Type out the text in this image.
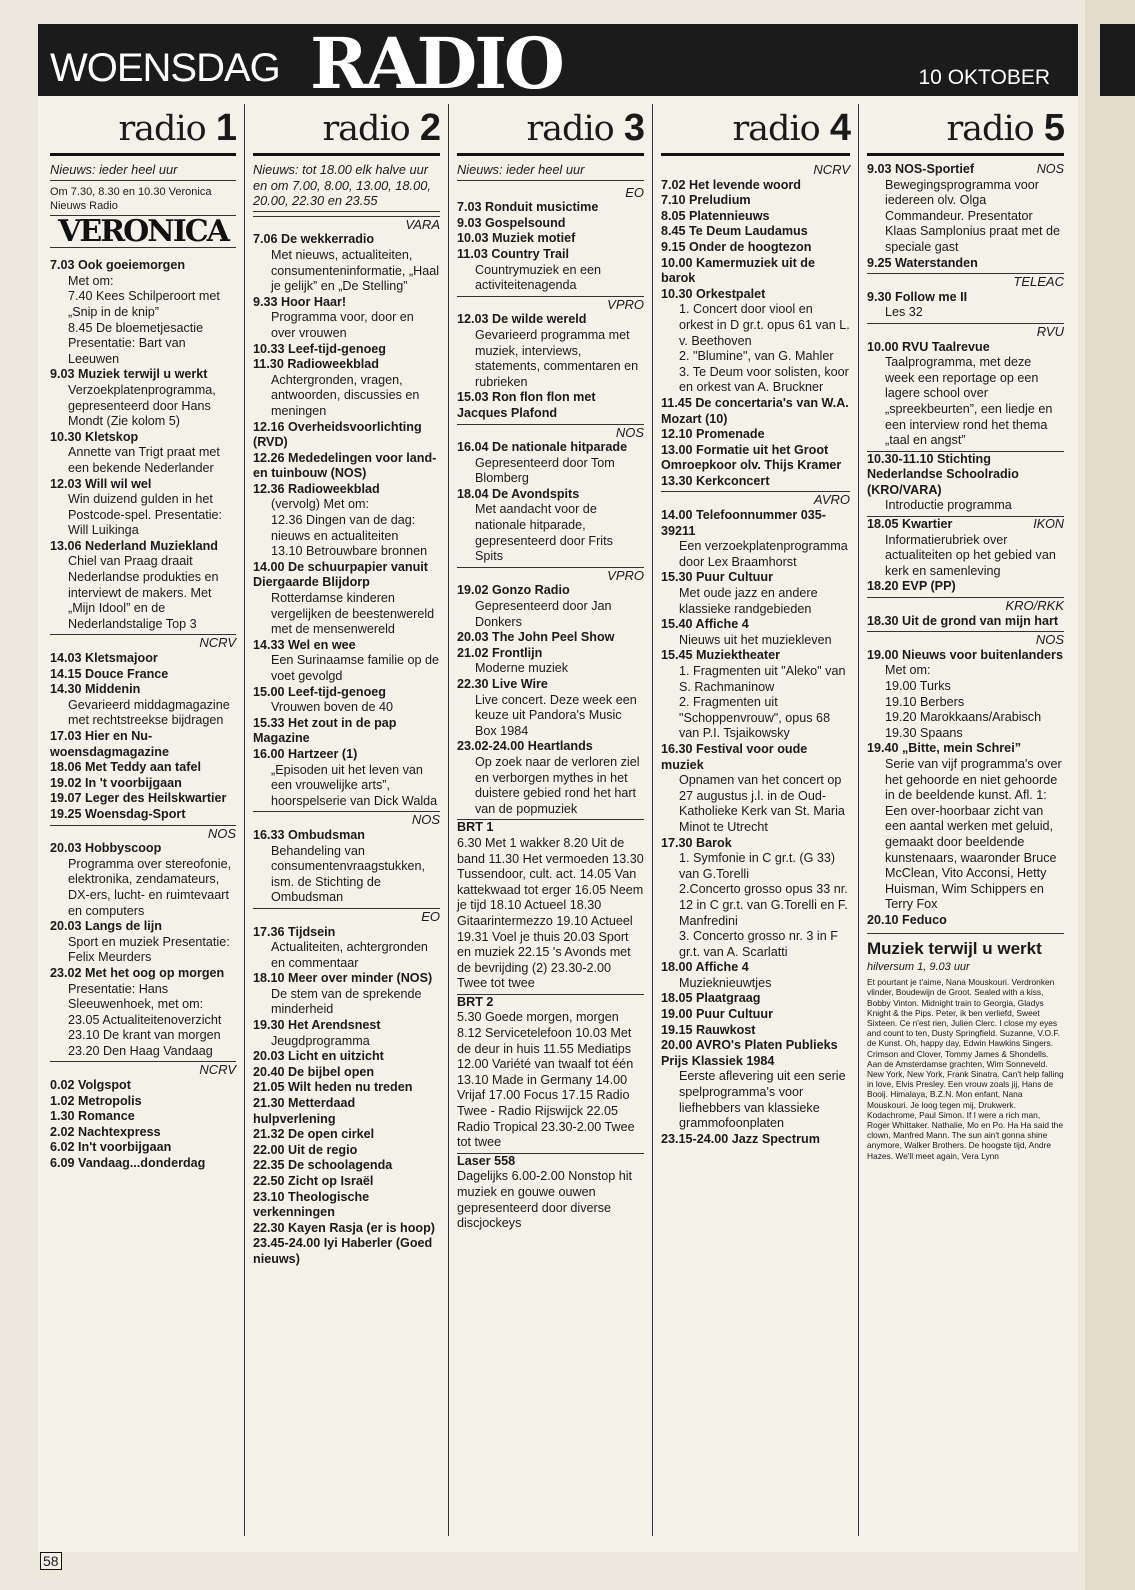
WOENSDAG RADIO	10 OKTOBER
radio 1
Nieuws: ieder heel uur
Om 7.30, 8.30 en 10.30 Veronica Nieuws Radio
VERONICA
7.03 Ook goeiemorgen
Met om:
7.40 Kees Schilperoort met „Snip in de knip”
8.45 De bloemetjesactie Presentatie: Bart van Leeuwen
9.03 Muziek terwijl u werkt
Verzoekplatenprogramma, gepresenteerd door Hans Mondt (Zie kolom 5)
10.30 Kletskop
Annette van Trigt praat met een bekende Nederlander
12.03 Will wil wel
Win duizend gulden in het Postcode-spel. Presentatie: Will Luikinga
13.06 Nederland Muziekland
Chiel van Praag draait Nederlandse produkties en interviewt de makers. Met „Mijn Idool” en de Nederlandstalige Top 3
NCRV
14.03 Kletsmajoor
14.15 Douce France
14.30 Middenin
Gevarieerd middagmagazine met rechtstreekse bijdragen
17.03 Hier en Nu-woensdagmagazine
18.06 Met Teddy aan tafel
19.02 In 't voorbijgaan
19.07 Leger des Heilskwartier
19.25 Woensdag-Sport
NOS
20.03 Hobbyscoop
Programma over stereofonie, elektronika, zendamateurs, DX-ers, lucht- en ruimtevaart en computers
20.03 Langs de lijn
Sport en muziek Presentatie: Felix Meurders
23.02 Met het oog op morgen
Presentatie: Hans Sleeuwenhoek, met om:
23.05 Actualiteitenoverzicht
23.10 De krant van morgen
23.20 Den Haag Vandaag
NCRV
0.02 Volgspot
1.02 Metropolis
1.30 Romance
2.02 Nachtexpress
6.02 In't voorbijgaan
6.09 Vandaag...donderdag
radio 2
Nieuws: tot 18.00 elk halve uur en om 7.00, 8.00, 13.00, 18.00, 20.00, 22.30 en 23.55
VARA
7.06 De wekkerradio
Met nieuws, actualiteiten, consumenteninformatie, „Haal je gelijk” en „De Stelling”
9.33 Hoor Haar!
Programma voor, door en over vrouwen
10.33 Leef-tijd-genoeg
11.30 Radioweekblad
Achtergronden, vragen, antwoorden, discussies en meningen
12.16 Overheidsvoorlichting (RVD)
12.26 Mededelingen voor land- en tuinbouw (NOS)
12.36 Radioweekblad
(vervolg) Met om:
12.36 Dingen van de dag: nieuws en actualiteiten
13.10 Betrouwbare bronnen
14.00 De schuurpapier vanuit Diergaarde Blijdorp
Rotterdamse kinderen vergelijken de beestenwereld met de mensenwereld
14.33 Wel en wee
Een Surinaamse familie op de voet gevolgd
15.00 Leef-tijd-genoeg
Vrouwen boven de 40
15.33 Het zout in de pap Magazine
16.00 Hartzeer (1)
„Episoden uit het leven van een vrouwelijke arts”, hoorspelserie van Dick Walda
NOS
16.33 Ombudsman
Behandeling van consumentenvraagstukken, ism. de Stichting de Ombudsman
EO
17.36 Tijdsein
Actualiteiten, achtergronden en commentaar
18.10 Meer over minder (NOS)
De stem van de sprekende minderheid
19.30 Het Arendsnest
Jeugdprogramma
20.03 Licht en uitzicht
20.40 De bijbel open
21.05 Wilt heden nu treden
21.30 Metterdaad hulpverlening
21.32 De open cirkel
22.00 Uit de regio
22.35 De schoolagenda
22.50 Zicht op Israël
23.10 Theologische verkenningen
22.30 Kayen Rasja (er is hoop)
23.45-24.00 Iyi Haberler (Goed nieuws)
radio 3
Nieuws: ieder heel uur
EO
7.03 Ronduit musictime
9.03 Gospelsound
10.03 Muziek motief
11.03 Country Trail
Countrymuziek en een activiteitenagenda
VPRO
12.03 De wilde wereld
Gevarieerd programma met muziek, interviews, statements, commentaren en rubrieken
15.03 Ron flon flon met Jacques Plafond
NOS
16.04 De nationale hitparade
Gepresenteerd door Tom Blomberg
18.04 De Avondspits
Met aandacht voor de nationale hitparade, gepresenteerd door Frits Spits
VPRO
19.02 Gonzo Radio
Gepresenteerd door Jan Donkers
20.03 The John Peel Show
21.02 Frontlijn
Moderne muziek
22.30 Live Wire
Live concert. Deze week een keuze uit Pandora's Music Box 1984
23.02-24.00 Heartlands
Op zoek naar de verloren ziel en verborgen mythes in het duistere gebied rond het hart van de popmuziek
BRT 1
6.30 Met 1 wakker 8.20 Uit de band 11.30 Het vermoeden 13.30 Tussendoor, cult. act. 14.05 Van kattekwaad tot erger 16.05 Neem je tijd 18.10 Actueel 18.30 Gitaarintermezzo 19.10 Actueel 19.31 Voel je thuis 20.03 Sport en muziek 22.15 's Avonds met de bevrijding (2) 23.30-2.00 Twee tot twee
BRT 2
5.30 Goede morgen, morgen 8.12 Servicetelefoon 10.03 Met de deur in huis 11.55 Mediatips 12.00 Variété van twaalf tot één 13.10 Made in Germany 14.00 Vrijaf 17.00 Focus 17.15 Radio Twee - Radio Rijswijck 22.05 Radio Tropical 23.30-2.00 Twee tot twee
Laser 558
Dagelijks 6.00-2.00 Nonstop hit muziek en gouwe ouwen gepresenteerd door diverse discjockeys
radio 4
NCRV
7.02 Het levende woord
7.10 Preludium
8.05 Platennieuws
8.45 Te Deum Laudamus
9.15 Onder de hoogtezon
10.00 Kamermuziek uit de barok
10.30 Orkestpalet
1. Concert door viool en orkest in D gr.t. opus 61 van L. v. Beethoven
2. "Blumine", van G. Mahler
3. Te Deum voor solisten, koor en orkest van A. Bruckner
11.45 De concertaria's van W.A. Mozart (10)
12.10 Promenade
13.00 Formatie uit het Groot Omroepkoor olv. Thijs Kramer
13.30 Kerkconcert
AVRO
14.00 Telefoonnummer 035-39211
Een verzoekplatenprogramma door Lex Braamhorst
15.30 Puur Cultuur
Met oude jazz en andere klassieke randgebieden
15.40 Affiche 4
Nieuws uit het muziekleven
15.45 Muziektheater
1. Fragmenten uit "Aleko" van S. Rachmaninow
2. Fragmenten uit "Schoppenvrouw", opus 68 van P.I. Tsjaikowsky
16.30 Festival voor oude muziek
Opnamen van het concert op 27 augustus j.l. in de Oud-Katholieke Kerk van St. Maria Minot te Utrecht
17.30 Barok
1. Symfonie in C gr.t. (G 33) van G.Torelli
2.Concerto grosso opus 33 nr. 12 in C gr.t. van G.Torelli en F. Manfredini
3. Concerto grosso nr. 3 in F gr.t. van A. Scarlatti
18.00 Affiche 4
Muzieknieuwtjes
18.05 Plaatgraag
19.00 Puur Cultuur
19.15 Rauwkost
20.00 AVRO's Platen Publieks Prijs Klassiek 1984
Eerste aflevering uit een serie spelprogramma's voor liefhebbers van klassieke grammofoonplaten
23.15-24.00 Jazz Spectrum
radio 5
9.03 NOS-Sportief	NOS
Bewegingsprogramma voor iedereen olv. Olga Commandeur. Presentator Klaas Samplonius praat met de speciale gast
9.25 Waterstanden
TELEAC
9.30 Follow me II
Les 32
RVU
10.00 RVU Taalrevue
Taalprogramma, met deze week een reportage op een lagere school over „spreekbeurten”, een liedje en een interview rond het thema „taal en angst”
10.30-11.10 Stichting Nederlandse Schoolradio (KRO/VARA)
Introductie programma
18.05 Kwartier	IKON
Informatierubriek over actualiteiten op het gebied van kerk en samenleving
18.20 EVP (PP)
KRO/RKK
18.30 Uit de grond van mijn hart
NOS
19.00 Nieuws voor buitenlanders
Met om:
19.00 Turks
19.10 Berbers
19.20 Marokkaans/Arabisch
19.30 Spaans
19.40 „Bitte, mein Schrei”
Serie van vijf programma's over het gehoorde en niet gehoorde in de beeldende kunst. Afl. 1: Een over-hoorbaar zicht van een aantal werken met geluid, gemaakt door beeldende kunstenaars, waaronder Bruce McClean, Vito Acconsi, Hetty Huisman, Wim Schippers en Terry Fox
20.10 Feduco
Muziek terwijl u werkt
hilversum 1, 9.03 uur
Et pourtant je t'aime, Nana Mouskouri. Verdronken vlinder, Boudewijn de Groot. Sealed with a kiss, Bobby Vinton. Midnight train to Georgia, Gladys Knight & the Pips. Peter, ik ben verliefd, Sweet Sixteen. Ce n'est rien, Julien Clerc. I close my eyes and count to ten, Dusty Springfield. Suzanne, V.O.F. de Kunst. Oh, happy day, Edwin Hawkins Singers. Crimson and Clover, Tommy James & Shondells. Aan de Amsterdamse grachten, Wim Sonneveld. New York, New York, Frank Sinatra. Can't help falling in love, Elvis Presley. Een vrouw zoals jij, Hans de Booij. Himalaya, B.Z.N. Mon enfant, Nana Mouskouri. Je loog tegen mij, Drukwerk. Kodachrome, Paul Simon. If I were a rich man, Roger Whittaker. Nathalie, Mo en Po. Ha Ha said the clown, Manfred Mann. The sun ain't gonna shine anymore, Walker Brothers. De hoogste tijd, Andre Hazes. We'll meet again, Vera Lynn
58
